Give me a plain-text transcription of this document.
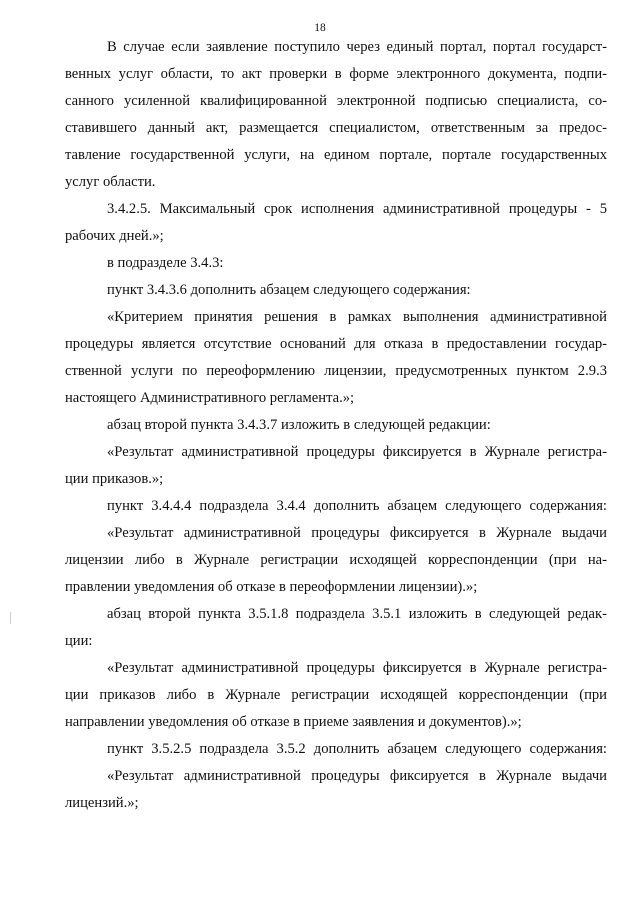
18
В случае если заявление поступило через единый портал, портал государст-
венных услуг области, то акт проверки в форме электронного документа, подпи-
санного усиленной квалифицированной электронной подписью специалиста, со-
ставившего данный акт, размещается специалистом, ответственным за предос-
тавление государственной услуги, на едином портале, портале государственных
услуг области.
3.4.2.5. Максимальный срок исполнения административной процедуры - 5
рабочих дней.»;
в подразделе 3.4.3:
пункт 3.4.3.6 дополнить абзацем следующего содержания:
«Критерием принятия решения в рамках выполнения административной
процедуры является отсутствие оснований для отказа в предоставлении государ-
ственной услуги по переоформлению лицензии, предусмотренных пунктом 2.9.3
настоящего Административного регламента.»;
абзац второй пункта 3.4.3.7 изложить в следующей редакции:
«Результат административной процедуры фиксируется в Журнале регистра-
ции приказов.»;
пункт 3.4.4.4 подраздела 3.4.4 дополнить абзацем следующего содержания:
«Результат административной процедуры фиксируется в Журнале выдачи
лицензии либо в Журнале регистрации исходящей корреспонденции (при на-
правлении уведомления об отказе в переоформлении лицензии).»;
абзац второй пункта 3.5.1.8 подраздела 3.5.1 изложить в следующей редак-
ции:
«Результат административной процедуры фиксируется в Журнале регистра-
ции приказов либо в Журнале регистрации исходящей корреспонденции (при
направлении уведомления об отказе в приеме заявления и документов).»;
пункт 3.5.2.5 подраздела 3.5.2 дополнить абзацем следующего содержания:
«Результат административной процедуры фиксируется в Журнале выдачи
лицензий.»;
